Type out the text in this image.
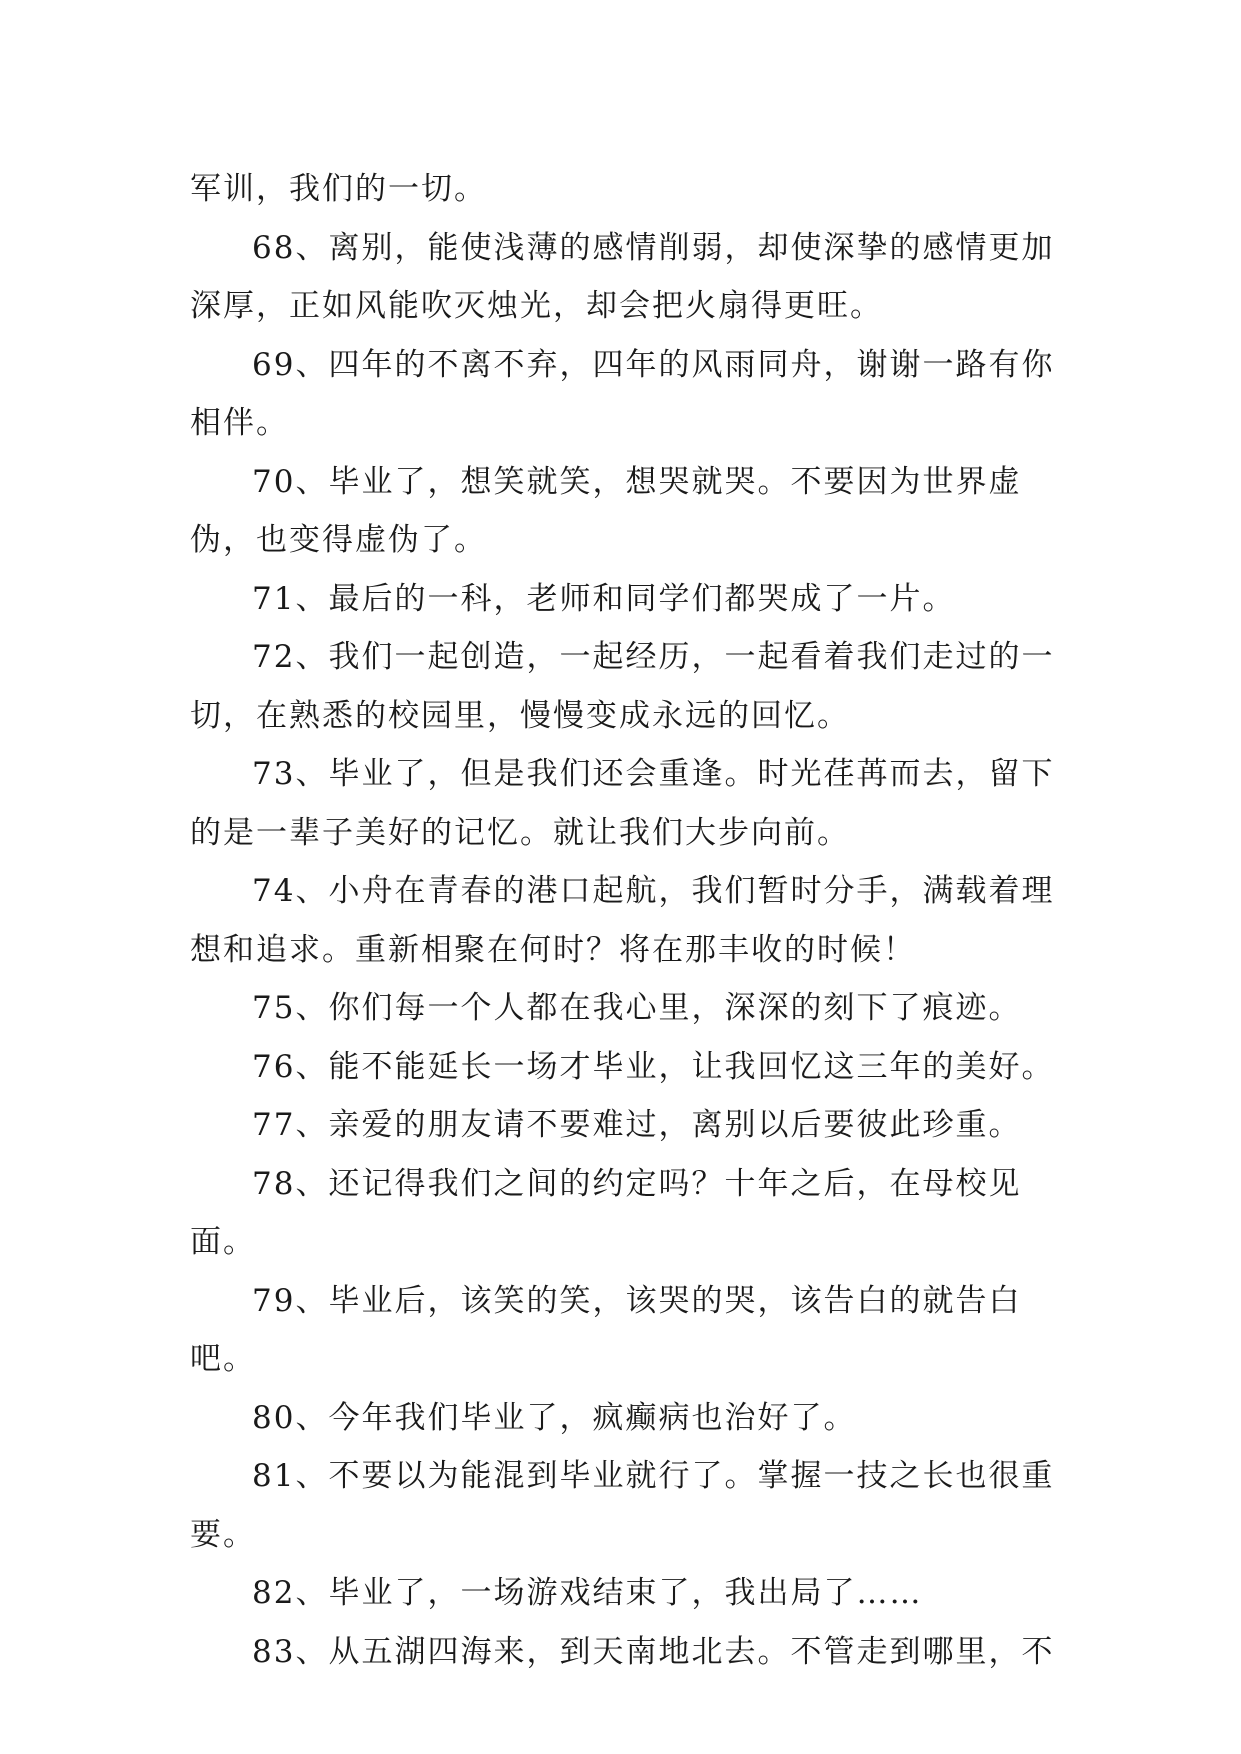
军训，我们的一切。

68、离别，能使浅薄的感情削弱，却使深挚的感情更加深厚，正如风能吹灭烛光，却会把火扇得更旺。

69、四年的不离不弃，四年的风雨同舟，谢谢一路有你相伴。

70、毕业了，想笑就笑，想哭就哭。不要因为世界虚伪，也变得虚伪了。

71、最后的一科，老师和同学们都哭成了一片。

72、我们一起创造，一起经历，一起看着我们走过的一切，在熟悉的校园里，慢慢变成永远的回忆。

73、毕业了，但是我们还会重逢。时光荏苒而去，留下的是一辈子美好的记忆。就让我们大步向前。

74、小舟在青春的港口起航，我们暂时分手，满载着理想和追求。重新相聚在何时？将在那丰收的时候！

75、你们每一个人都在我心里，深深的刻下了痕迹。

76、能不能延长一场才毕业，让我回忆这三年的美好。

77、亲爱的朋友请不要难过，离别以后要彼此珍重。

78、还记得我们之间的约定吗？十年之后，在母校见面。

79、毕业后，该笑的笑，该哭的哭，该告白的就告白吧。

80、今年我们毕业了，疯癫病也治好了。

81、不要以为能混到毕业就行了。掌握一技之长也很重要。

82、毕业了，一场游戏结束了，我出局了……

83、从五湖四海来，到天南地北去。不管走到哪里，不
